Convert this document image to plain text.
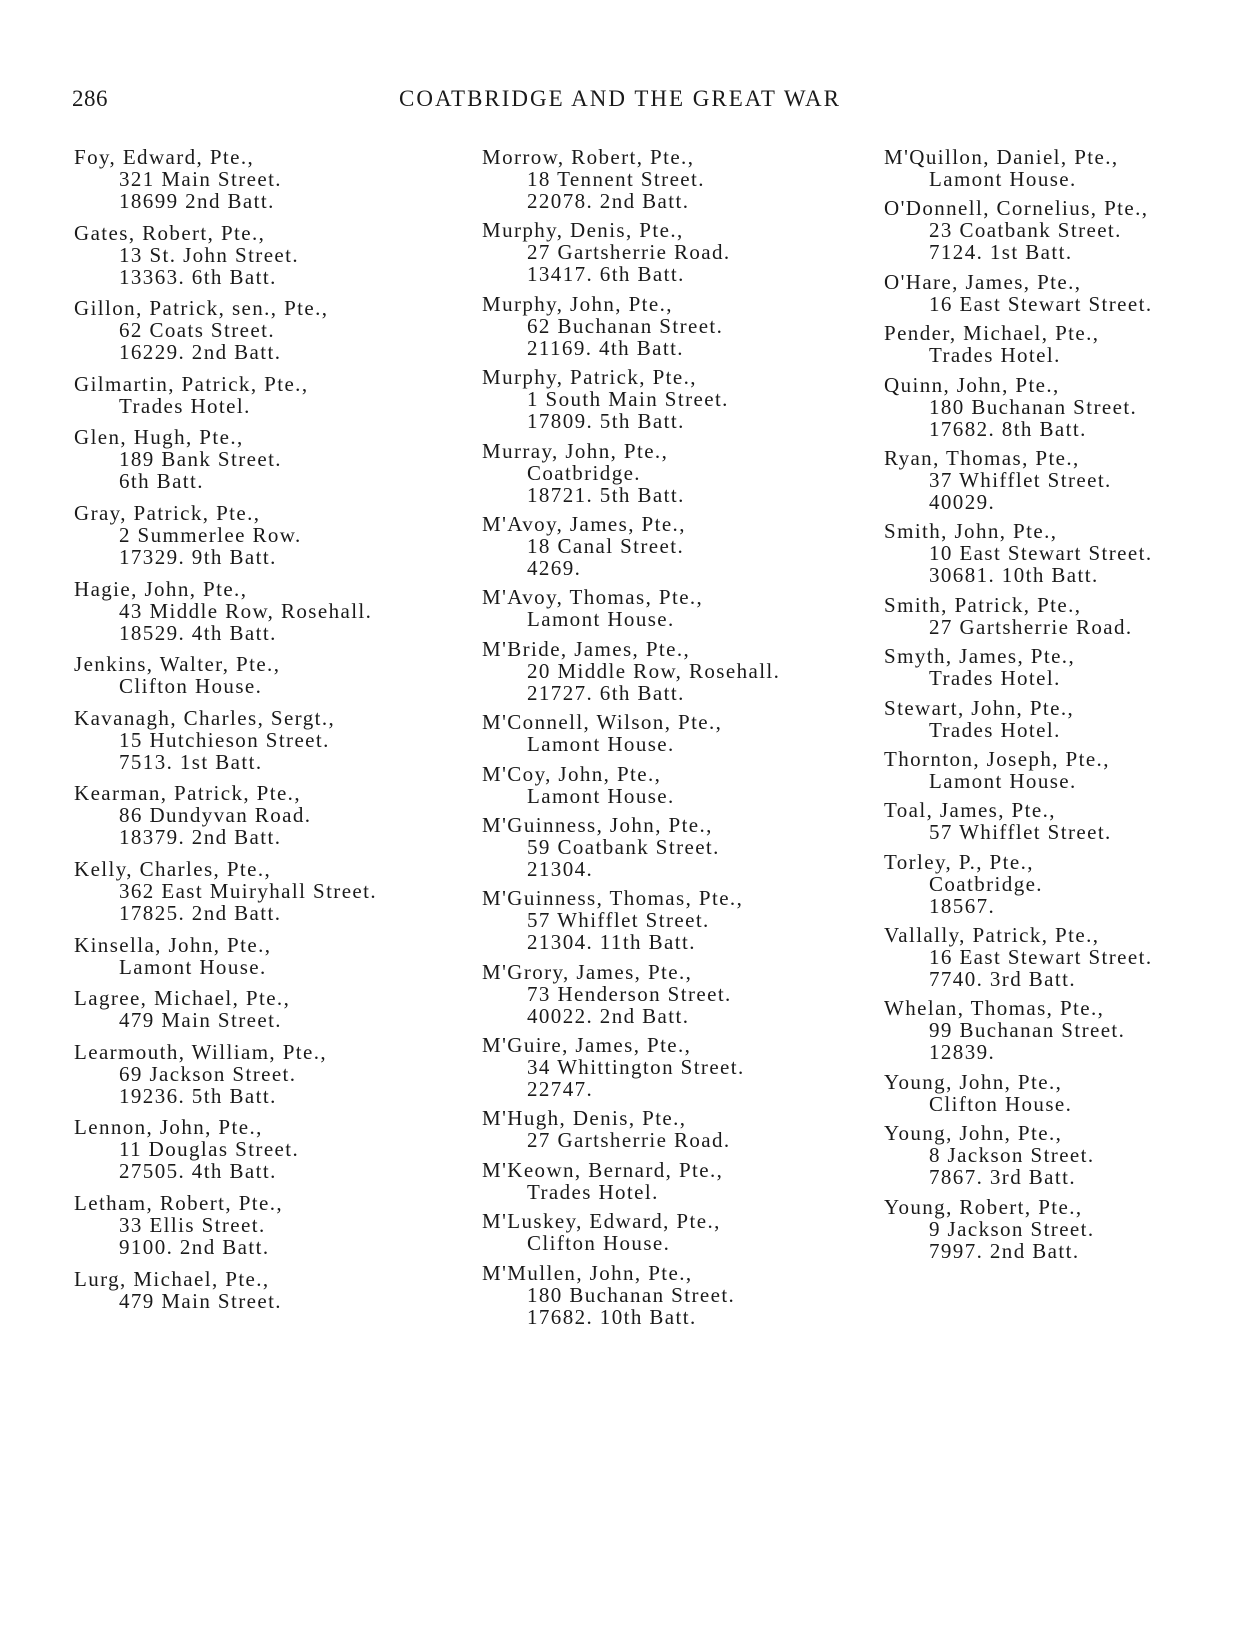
286	COATBRIDGE AND THE GREAT WAR
Foy, Edward, Pte.,
321 Main Street.
18699 2nd Batt.
Gates, Robert, Pte.,
13 St. John Street.
13363. 6th Batt.
Gillon, Patrick, sen., Pte.,
62 Coats Street.
16229. 2nd Batt.
Gilmartin, Patrick, Pte.,
Trades Hotel.
Glen, Hugh, Pte.,
189 Bank Street.
6th Batt.
Gray, Patrick, Pte.,
2 Summerlee Row.
17329. 9th Batt.
Hagie, John, Pte.,
43 Middle Row, Rosehall.
18529. 4th Batt.
Jenkins, Walter, Pte.,
Clifton House.
Kavanagh, Charles, Sergt.,
15 Hutchieson Street.
7513. 1st Batt.
Kearman, Patrick, Pte.,
86 Dundyvan Road.
18379. 2nd Batt.
Kelly, Charles, Pte.,
362 East Muiryhall Street.
17825. 2nd Batt.
Kinsella, John, Pte.,
Lamont House.
Lagree, Michael, Pte.,
479 Main Street.
Learmouth, William, Pte.,
69 Jackson Street.
19236. 5th Batt.
Lennon, John, Pte.,
11 Douglas Street.
27505. 4th Batt.
Letham, Robert, Pte.,
33 Ellis Street.
9100. 2nd Batt.
Lurg, Michael, Pte.,
479 Main Street.
Morrow, Robert, Pte.,
18 Tennent Street.
22078. 2nd Batt.
Murphy, Denis, Pte.,
27 Gartsherrie Road.
13417. 6th Batt.
Murphy, John, Pte.,
62 Buchanan Street.
21169. 4th Batt.
Murphy, Patrick, Pte.,
1 South Main Street.
17809. 5th Batt.
Murray, John, Pte.,
Coatbridge.
18721. 5th Batt.
M'Avoy, James, Pte.,
18 Canal Street.
4269.
M'Avoy, Thomas, Pte.,
Lamont House.
M'Bride, James, Pte.,
20 Middle Row, Rosehall.
21727. 6th Batt.
M'Connell, Wilson, Pte.,
Lamont House.
M'Coy, John, Pte.,
Lamont House.
M'Guinness, John, Pte.,
59 Coatbank Street.
21304.
M'Guinness, Thomas, Pte.,
57 Whifflet Street.
21304. 11th Batt.
M'Grory, James, Pte.,
73 Henderson Street.
40022. 2nd Batt.
M'Guire, James, Pte.,
34 Whittington Street.
22747.
M'Hugh, Denis, Pte.,
27 Gartsherrie Road.
M'Keown, Bernard, Pte.,
Trades Hotel.
M'Luskey, Edward, Pte.,
Clifton House.
M'Mullen, John, Pte.,
180 Buchanan Street.
17682. 10th Batt.
M'Quillon, Daniel, Pte.,
Lamont House.
O'Donnell, Cornelius, Pte.,
23 Coatbank Street.
7124. 1st Batt.
O'Hare, James, Pte.,
16 East Stewart Street.
Pender, Michael, Pte.,
Trades Hotel.
Quinn, John, Pte.,
180 Buchanan Street.
17682. 8th Batt.
Ryan, Thomas, Pte.,
37 Whifflet Street.
40029.
Smith, John, Pte.,
10 East Stewart Street.
30681. 10th Batt.
Smith, Patrick, Pte.,
27 Gartsherrie Road.
Smyth, James, Pte.,
Trades Hotel.
Stewart, John, Pte.,
Trades Hotel.
Thornton, Joseph, Pte.,
Lamont House.
Toal, James, Pte.,
57 Whifflet Street.
Torley, P., Pte.,
Coatbridge.
18567.
Vallally, Patrick, Pte.,
16 East Stewart Street.
7740. 3rd Batt.
Whelan, Thomas, Pte.,
99 Buchanan Street.
12839.
Young, John, Pte.,
Clifton House.
Young, John, Pte.,
8 Jackson Street.
7867. 3rd Batt.
Young, Robert, Pte.,
9 Jackson Street.
7997. 2nd Batt.
